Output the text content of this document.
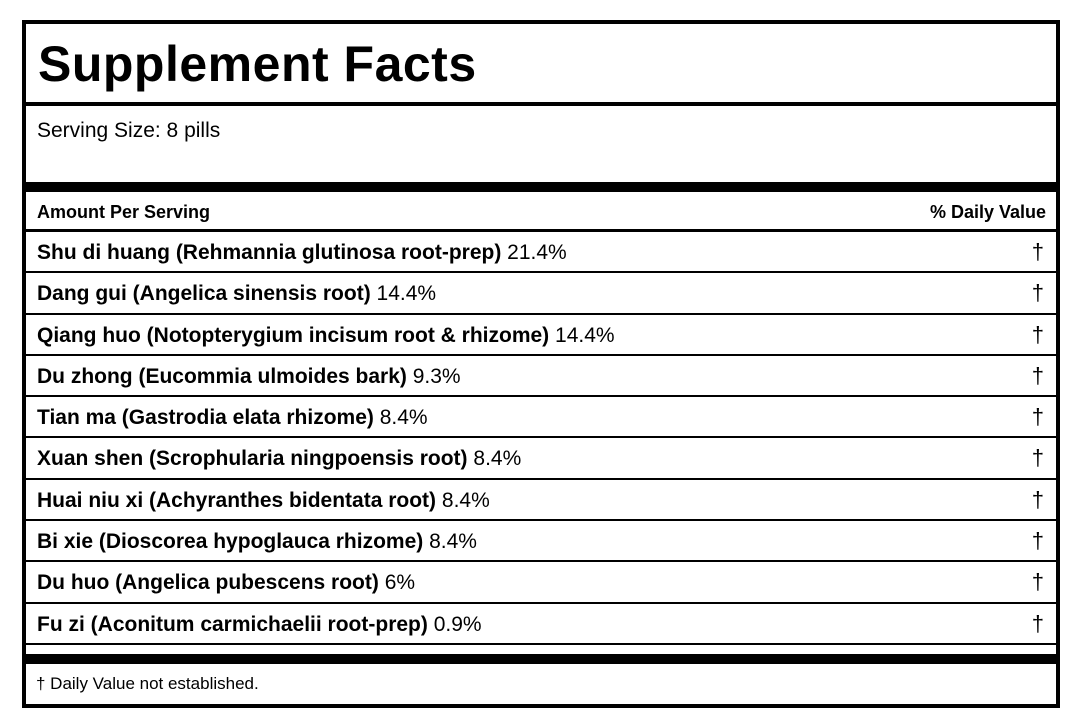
Supplement Facts
Serving Size: 8 pills
Amount Per Serving	% Daily Value
Shu di huang (Rehmannia glutinosa root-prep) 21.4%	†
Dang gui (Angelica sinensis root) 14.4%	†
Qiang huo (Notopterygium incisum root & rhizome) 14.4%	†
Du zhong (Eucommia ulmoides bark) 9.3%	†
Tian ma (Gastrodia elata rhizome) 8.4%	†
Xuan shen (Scrophularia ningpoensis root) 8.4%	†
Huai niu xi (Achyranthes bidentata root) 8.4%	†
Bi xie (Dioscorea hypoglauca rhizome) 8.4%	†
Du huo (Angelica pubescens root) 6%	†
Fu zi (Aconitum carmichaelii root-prep) 0.9%	†
† Daily Value not established.
